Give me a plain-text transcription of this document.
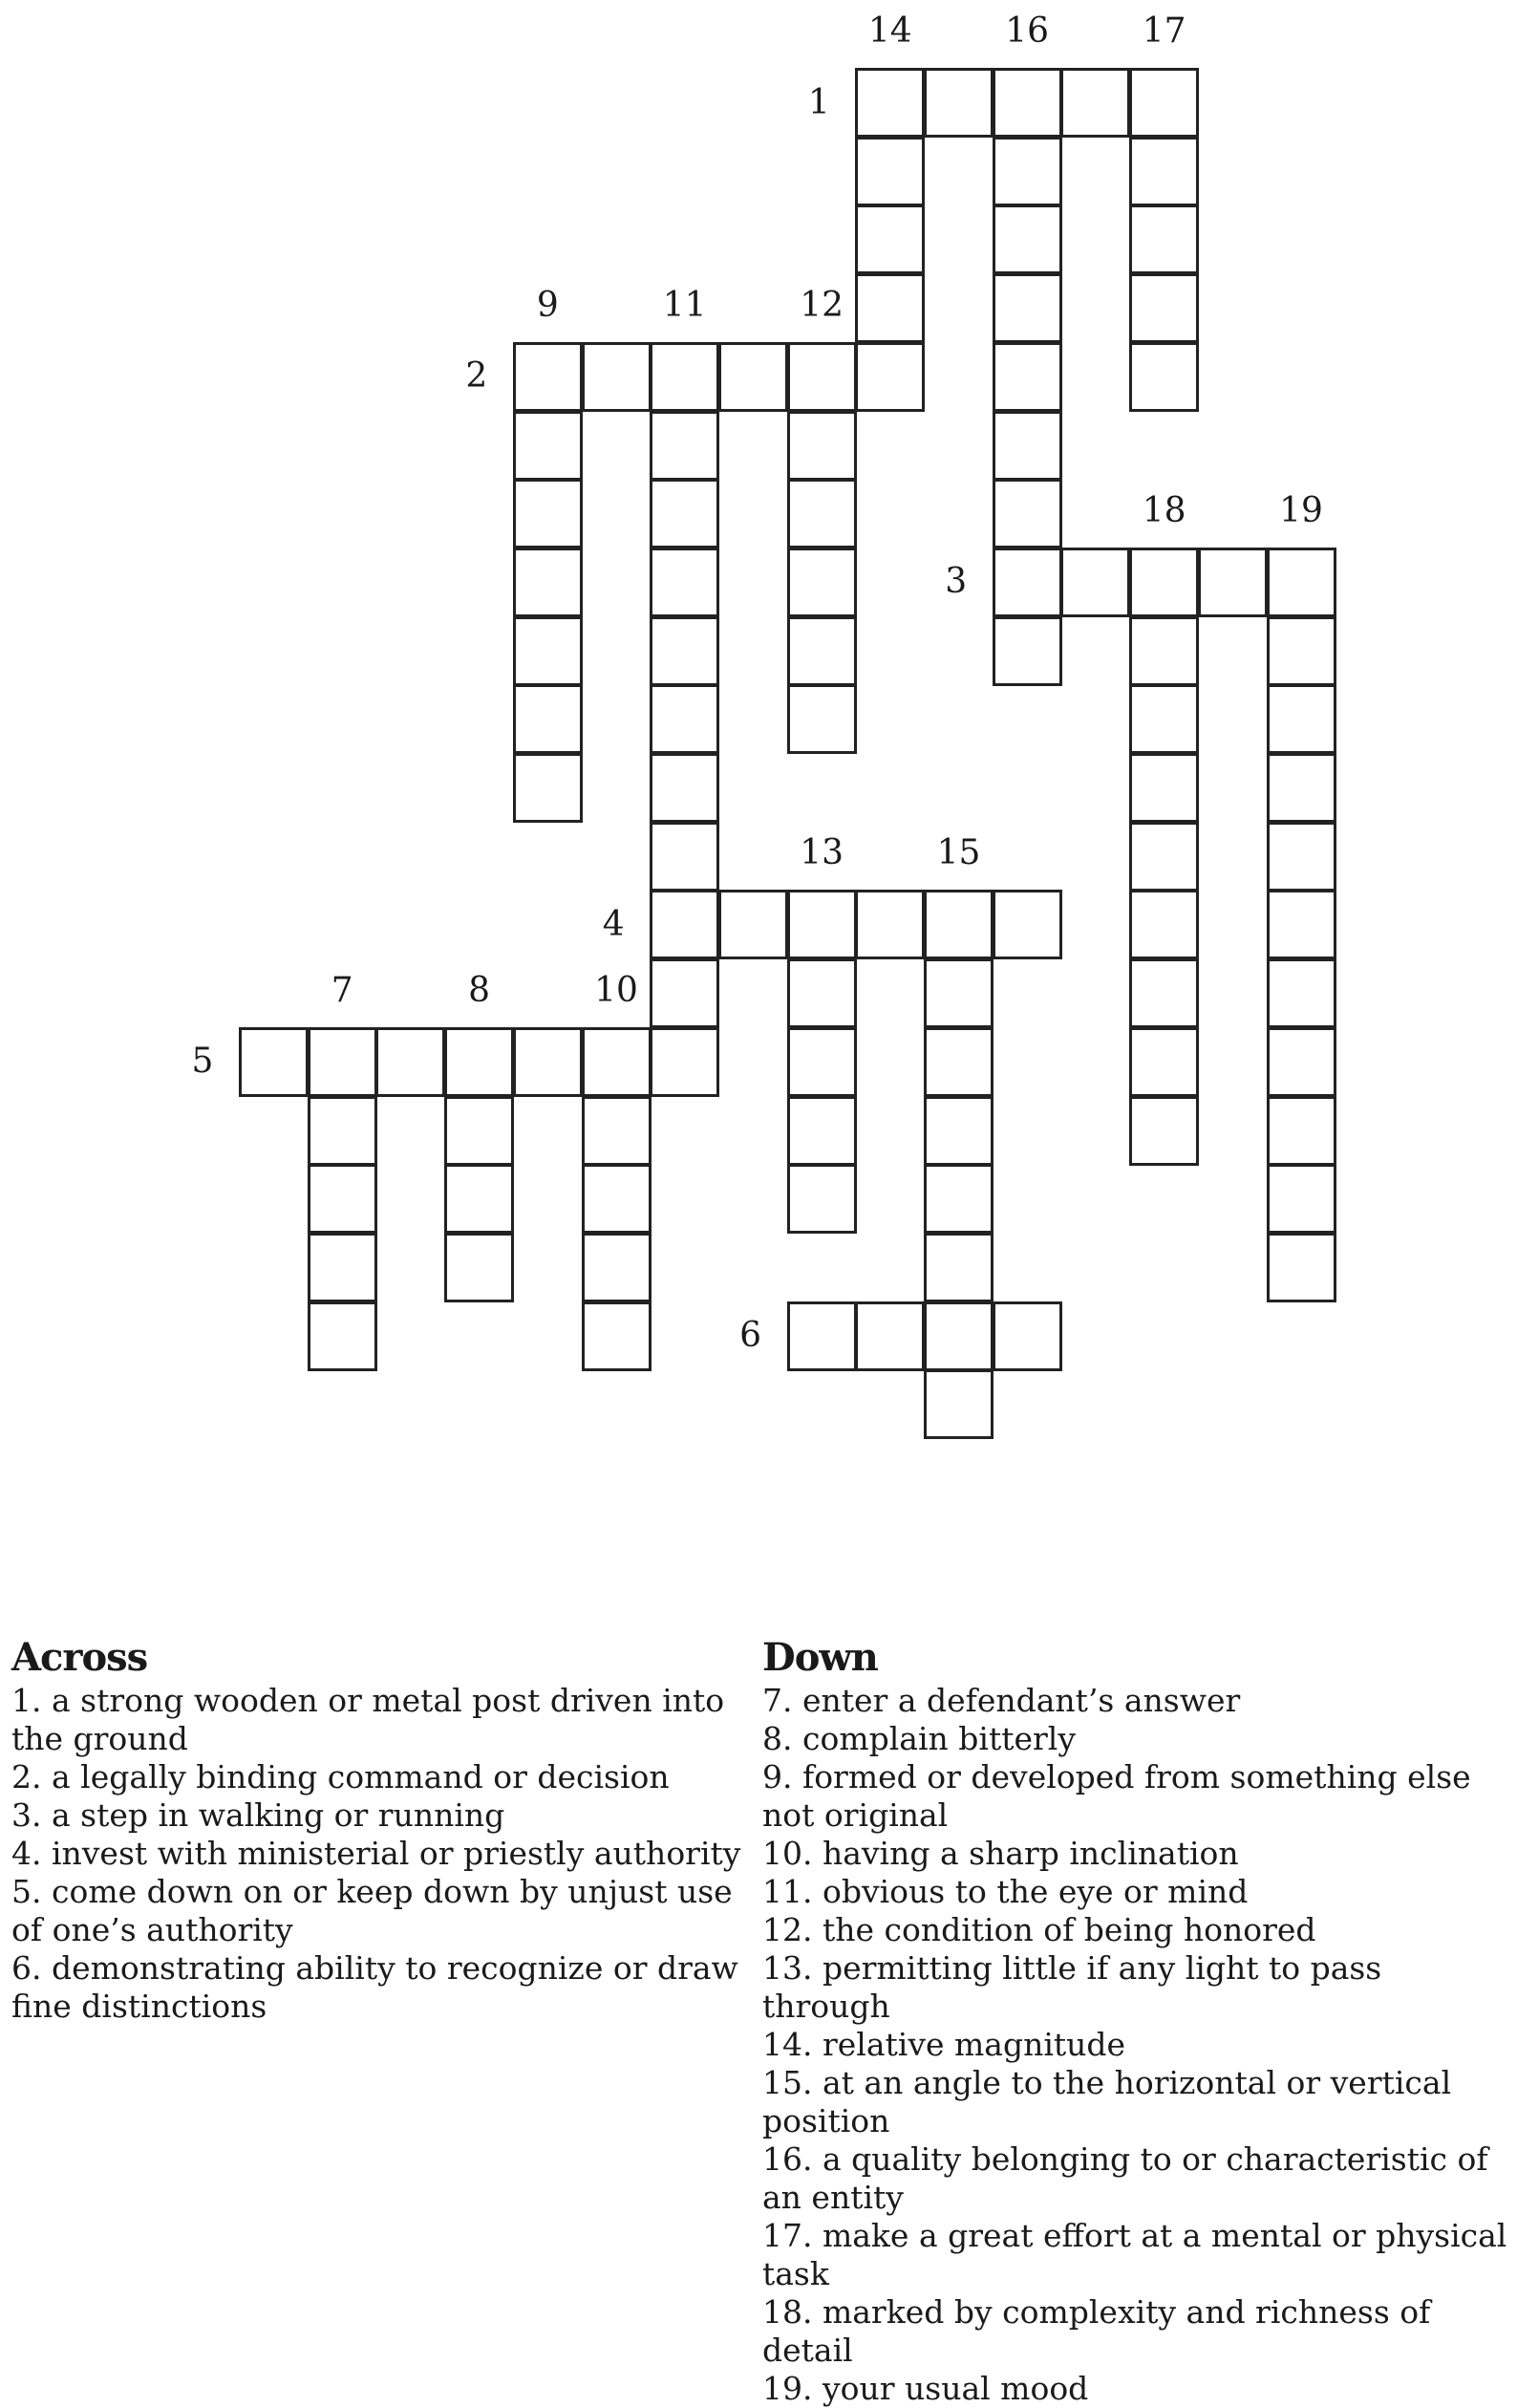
14	16	17
1
9	11	12
2
18	19
3
13	15
4
7	8	10
5
6
Across
1. a strong wooden or metal post driven into the ground
2. a legally binding command or decision
3. a step in walking or running
4. invest with ministerial or priestly authority
5. come down on or keep down by unjust use of one’s authority
6. demonstrating ability to recognize or draw fine distinctions
Down
7. enter a defendant’s answer
8. complain bitterly
9. formed or developed from something else not original
10. having a sharp inclination
11. obvious to the eye or mind
12. the condition of being honored
13. permitting little if any light to pass through
14. relative magnitude
15. at an angle to the horizontal or vertical position
16. a quality belonging to or characteristic of an entity
17. make a great effort at a mental or physical task
18. marked by complexity and richness of detail
19. your usual mood
